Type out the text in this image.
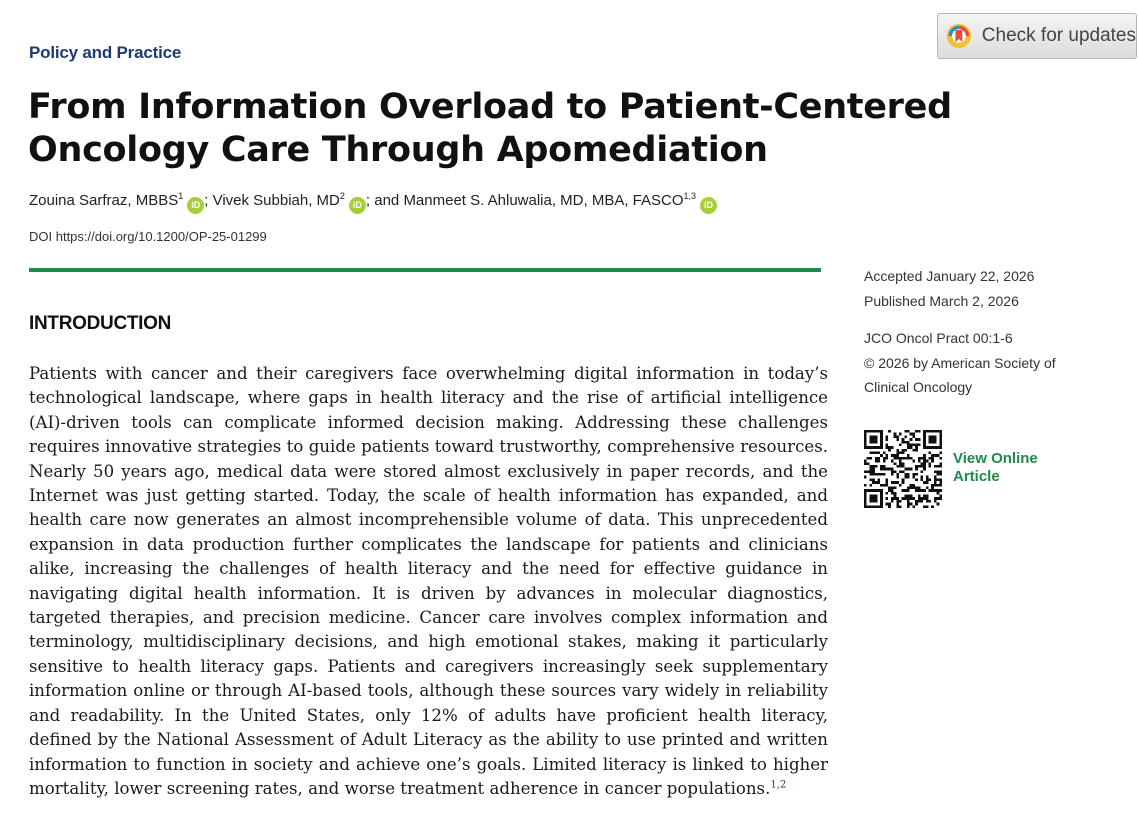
Policy and Practice
Check for updates
From Information Overload to Patient-Centered Oncology Care Through Apomediation
Zouina Sarfraz, MBBS$^1$iD ; Vivek Subbiah, $MD^2iD$ ; and Manmeet S. Ahluwalia, MD, MBA, FASCO$^{1,3}$iD
DOI https://doi.org/10.1200/OP-25-01299
INTRODUCTION

Patients with cancer and their caregivers face overwhelming digital information in today’s technological landscape, where gaps in health literacy and the rise of artificial intelligence (AI)-driven tools can complicate informed decision making. Addressing these challenges requires innovative strategies to guide patients toward trustworthy, comprehensive resources. Nearly 50 years ago, medical data were stored almost exclusively in paper records, and the Internet was just getting started. Today, the scale of health information has expanded, and health care now generates an almost incomprehensible volume of data. This unprecedented expansion in data production further complicates the landscape for patients and clinicians alike, increasing the challenges of health literacy and the need for effective guidance in navigating digital health information. It is driven by advances in molecular diagnostics, targeted therapies, and precision medicine. Cancer care involves complex information and terminology, multidisciplinary decisions, and high emotional stakes, making it particularly sensitive to health literacy gaps. Patients and caregivers increasingly seek supplementary information online or through AI-based tools, although these sources vary widely in reliability and readability. In the United States, only 12% of adults have proficient health literacy, defined by the National Assessment of Adult Literacy as the ability to use printed and written information to function in society and achieve one’s goals. Limited literacy is linked to higher mortality, lower screening rates, and worse treatment adherence in cancer populations.$^{1,2}$

Accepted January 22, 2026
Published March 2, 2026
JCO Oncol Pract 00:1-6
© 2026 by American Society of
Clinical Oncology
View Online
Article
